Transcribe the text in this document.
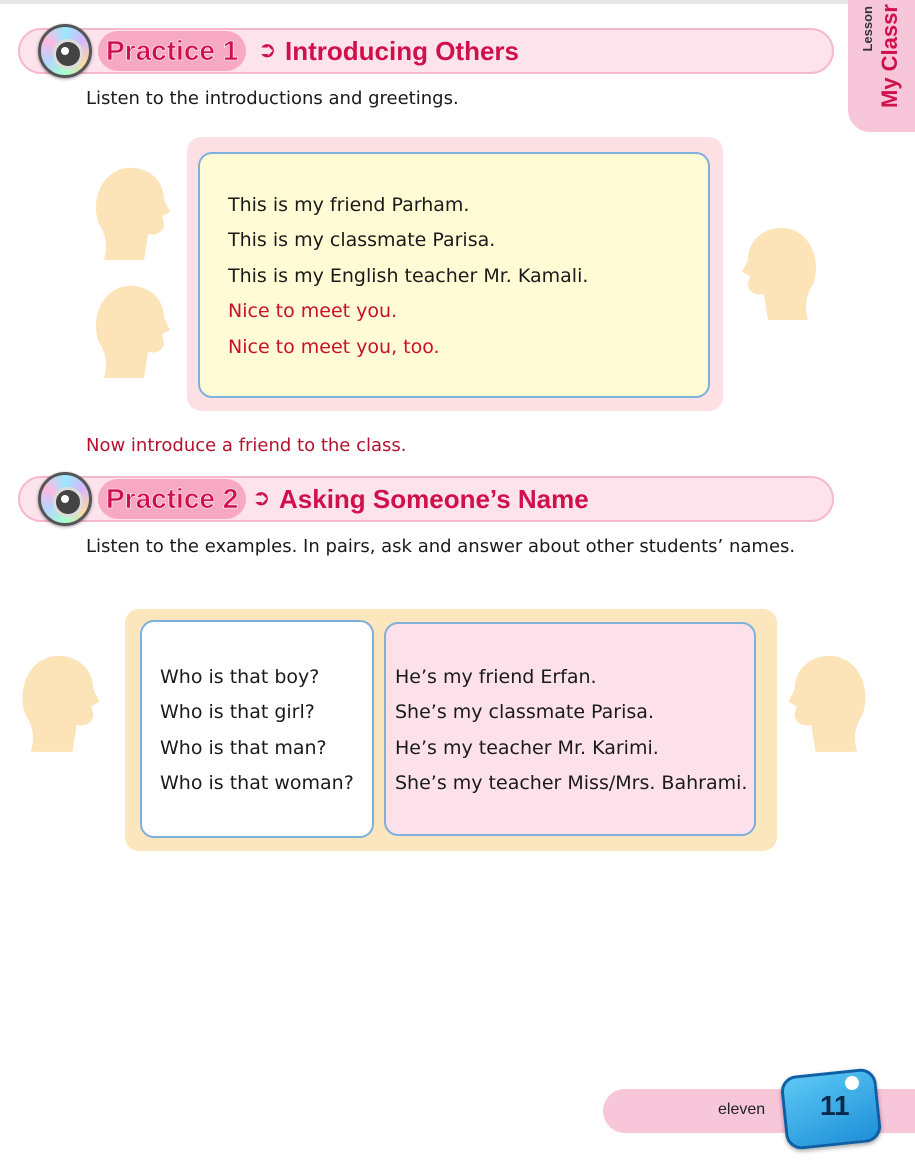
Lesson My Classr
Practice 1 ➲ Introducing Others
Listen to the introductions and greetings.
This is my friend Parham.
This is my classmate Parisa.
This is my English teacher Mr. Kamali.
Nice to meet you.
Nice to meet you, too.
Now introduce a friend to the class.
Practice 2 ➲ Asking Someone’s Name
Listen to the examples. In pairs, ask and answer about other students’ names.
Who is that boy?
Who is that girl?
Who is that man?
Who is that woman?
He’s my friend Erfan.
She’s my classmate Parisa.
He’s my teacher Mr. Karimi.
She’s my teacher Miss/Mrs. Bahrami.
eleven 11
